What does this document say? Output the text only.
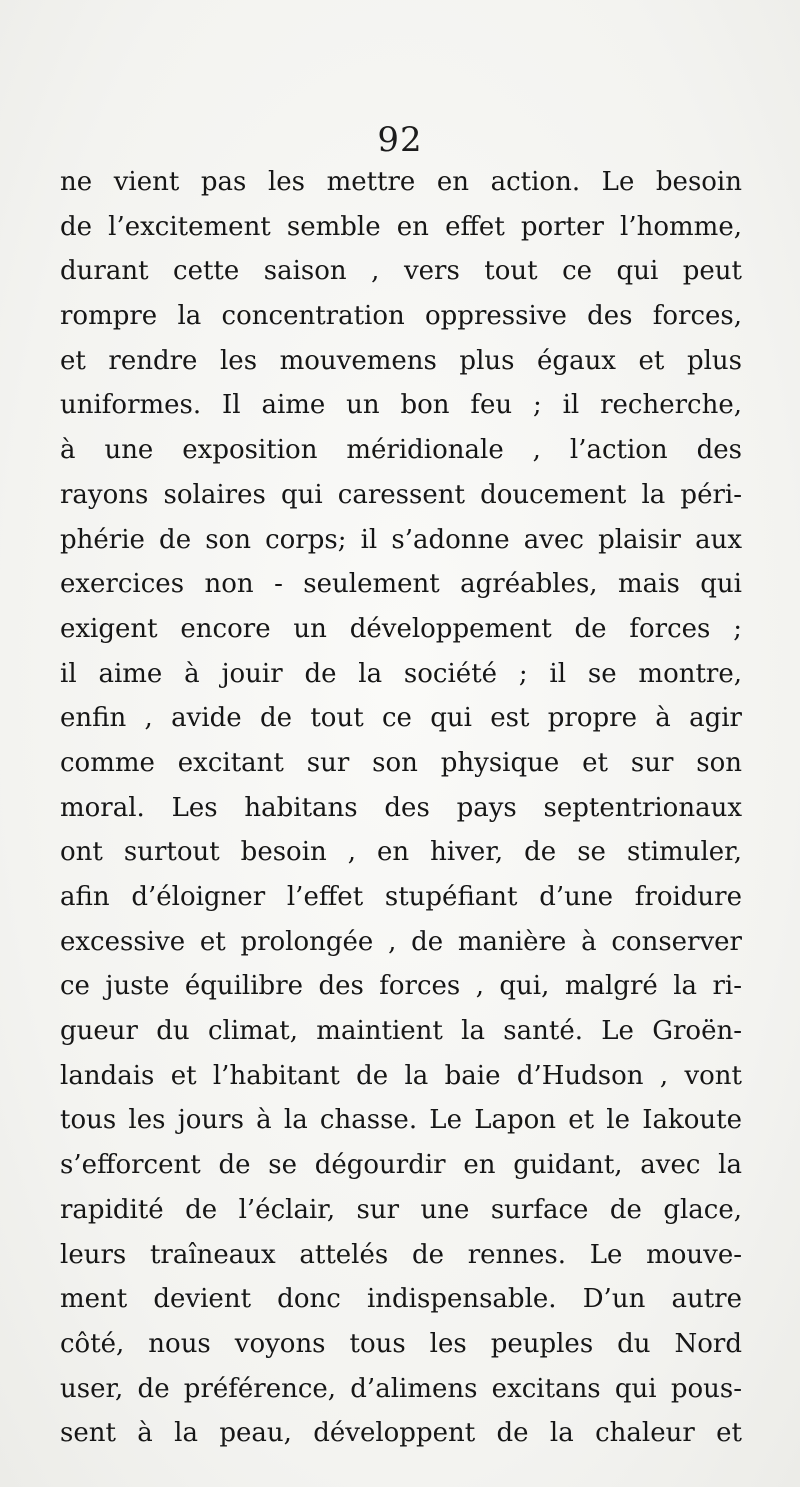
92
ne vient pas les mettre en action. Le besoin
de l’excitement semble en effet porter l’homme,
durant cette saison , vers tout ce qui peut
rompre la concentration oppressive des forces,
et rendre les mouvemens plus égaux et plus
uniformes. Il aime un bon feu ; il recherche,
à une exposition méridionale , l’action des
rayons solaires qui caressent doucement la péri-
phérie de son corps; il s’adonne avec plaisir aux
exercices non - seulement agréables, mais qui
exigent encore un développement de forces ;
il aime à jouir de la société ; il se montre,
enfin , avide de tout ce qui est propre à agir
comme excitant sur son physique et sur son
moral. Les habitans des pays septentrionaux
ont surtout besoin , en hiver, de se stimuler,
afin d’éloigner l’effet stupéfiant d’une froidure
excessive et prolongée , de manière à conserver
ce juste équilibre des forces , qui, malgré la ri-
gueur du climat, maintient la santé. Le Groën-
landais et l’habitant de la baie d’Hudson , vont
tous les jours à la chasse. Le Lapon et le Iakoute
s’efforcent de se dégourdir en guidant, avec la
rapidité de l’éclair, sur une surface de glace,
leurs traîneaux attelés de rennes. Le mouve-
ment devient donc indispensable. D’un autre
côté, nous voyons tous les peuples du Nord
user, de préférence, d’alimens excitans qui pous-
sent à la peau, développent de la chaleur et
